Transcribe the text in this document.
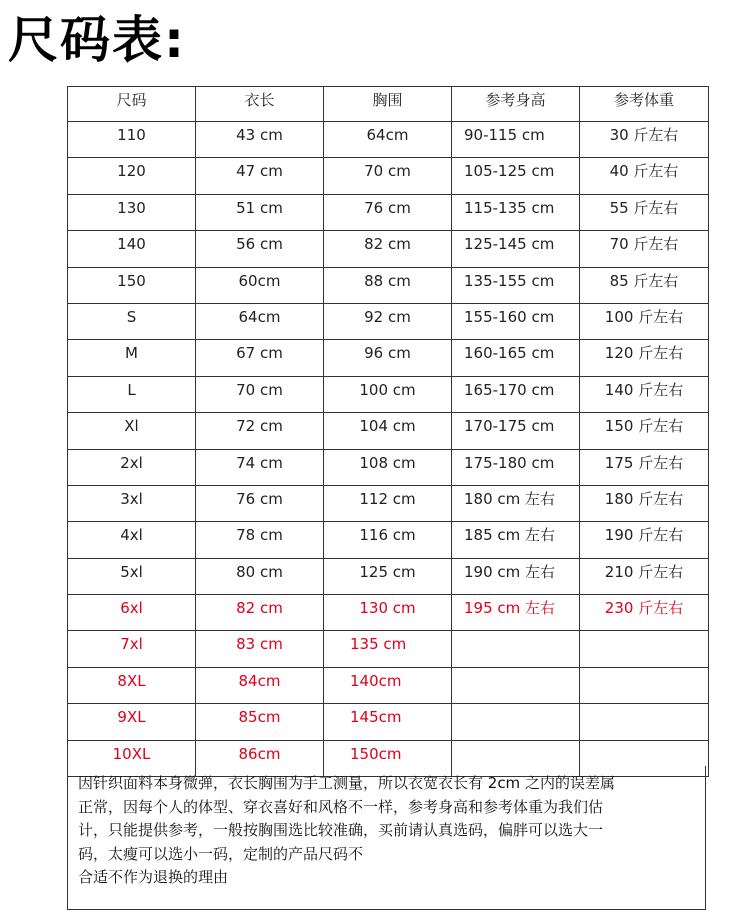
尺码表:
尺码	衣长	胸围	参考身高	参考体重
110	43 cm	64cm	90-115 cm	30 斤左右
120	47 cm	70 cm	105-125 cm	40 斤左右
130	51 cm	76 cm	115-135 cm	55 斤左右
140	56 cm	82 cm	125-145 cm	70 斤左右
150	60cm	88 cm	135-155 cm	85 斤左右
S	64cm	92 cm	155-160 cm	100 斤左右
M	67 cm	96 cm	160-165 cm	120 斤左右
L	70 cm	100 cm	165-170 cm	140 斤左右
Xl	72 cm	104 cm	170-175 cm	150 斤左右
2xl	74 cm	108 cm	175-180 cm	175 斤左右
3xl	76 cm	112 cm	180 cm 左右	180 斤左右
4xl	78 cm	116 cm	185 cm 左右	190 斤左右
5xl	80 cm	125 cm	190 cm 左右	210 斤左右
6xl	82 cm	130 cm	195 cm 左右	230 斤左右
7xl	83 cm	135 cm		
8XL	84cm	140cm		
9XL	85cm	145cm		
10XL	86cm	150cm		

因针织面料本身微弹，衣长胸围为手工测量，所以衣宽衣长有 2cm 之内的误差属

正常，因每个人的体型、穿衣喜好和风格不一样，参考身高和参考体重为我们估

计，只能提供参考，一般按胸围选比较准确，买前请认真选码，偏胖可以选大一

码，太瘦可以选小一码，定制的产品尺码不

合适不作为退换的理由
